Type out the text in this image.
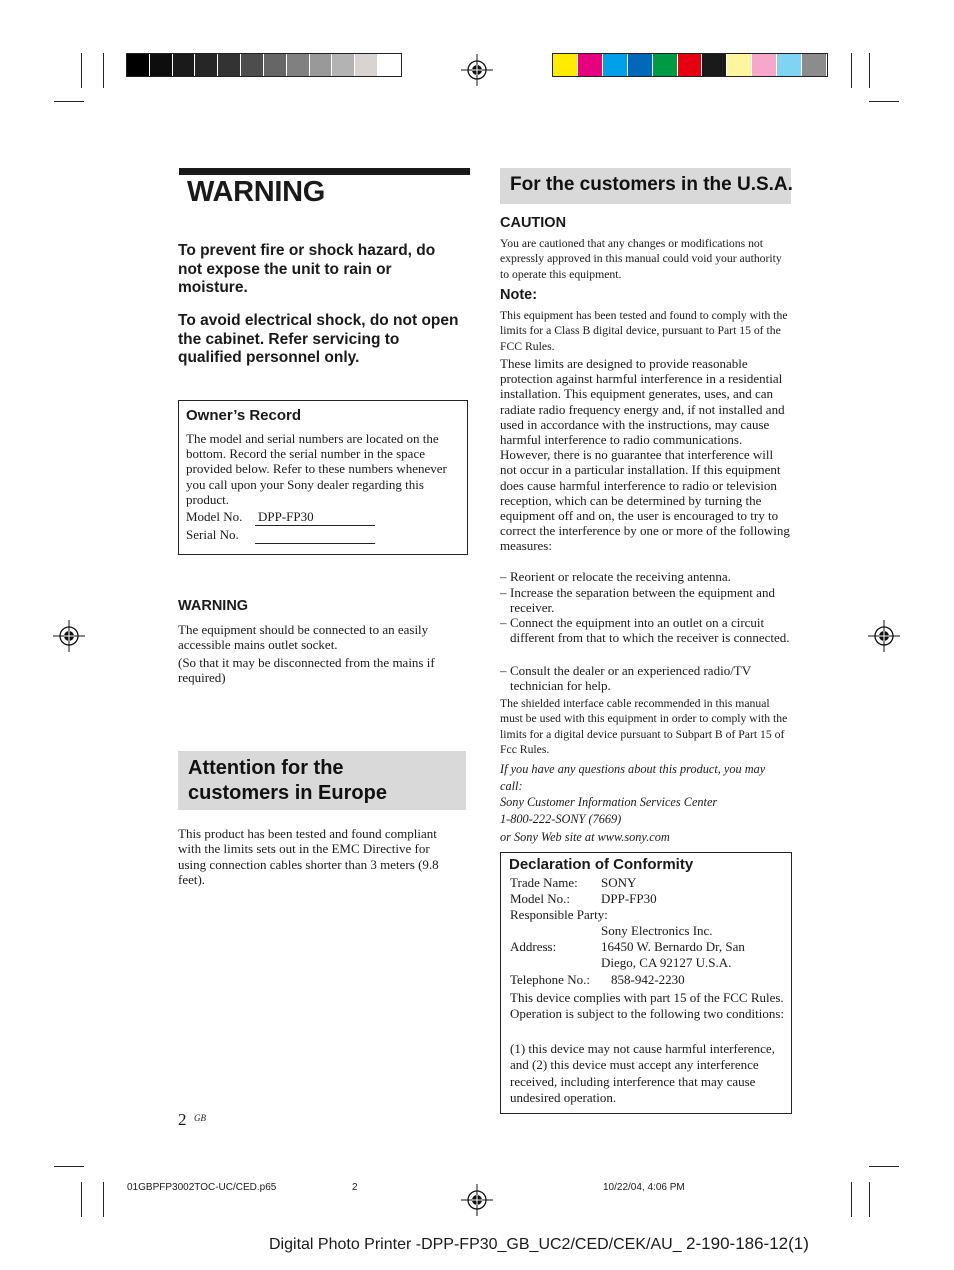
WARNING
To prevent fire or shock hazard, do not expose the unit to rain or moisture.
To avoid electrical shock, do not open the cabinet. Refer servicing to qualified personnel only.
Owner’s Record
The model and serial numbers are located on the bottom. Record the serial number in the space provided below. Refer to these numbers whenever you call upon your Sony dealer regarding this product.
Model No. DPP-FP30
Serial No.
WARNING
The equipment should be connected to an easily accessible mains outlet socket.
(So that it may be disconnected from the mains if required)
Attention for the
customers in Europe
This product has been tested and found compliant with the limits sets out in the EMC Directive for using connection cables shorter than 3 meters (9.8 feet).
For the customers in the U.S.A.
CAUTION
You are cautioned that any changes or modifications not expressly approved in this manual could void your authority to operate this equipment.
Note:
This equipment has been tested and found to comply with the limits for a Class B digital device, pursuant to Part 15 of the FCC Rules.
These limits are designed to provide reasonable protection against harmful interference in a residential installation. This equipment generates, uses, and can radiate radio frequency energy and, if not installed and used in accordance with the instructions, may cause harmful interference to radio communications. However, there is no guarantee that interference will not occur in a particular installation. If this equipment does cause harmful interference to radio or television reception, which can be determined by turning the equipment off and on, the user is encouraged to try to correct the interference by one or more of the following measures:
– Reorient or relocate the receiving antenna.
– Increase the separation between the equipment and receiver.
– Connect the equipment into an outlet on a circuit different from that to which the receiver is connected.
– Consult the dealer or an experienced radio/TV technician for help.
The shielded interface cable recommended in this manual must be used with this equipment in order to comply with the limits for a digital device pursuant to Subpart B of Part 15 of Fcc Rules.
If you have any questions about this product, you may call:
Sony Customer Information Services Center
1-800-222-SONY (7669)
or Sony Web site at www.sony.com
Declaration of Conformity
Trade Name: SONY
Model No.: DPP-FP30
Responsible Party:
Sony Electronics Inc.
Address:	16450 W. Bernardo Dr, San
Diego, CA 92127 U.S.A.
Telephone No.: 858-942-2230
This device complies with part 15 of the FCC Rules. Operation is subject to the following two conditions:
(1) this device may not cause harmful interference, and (2) this device must accept any interference received, including interference that may cause undesired operation.
2 GB
01GBPFP3002TOC-UC/CED.p65	2	10/22/04, 4:06 PM
Digital Photo Printer -DPP-FP30_GB_UC2/CED/CEK/AU_ 2-190-186-12(1)
